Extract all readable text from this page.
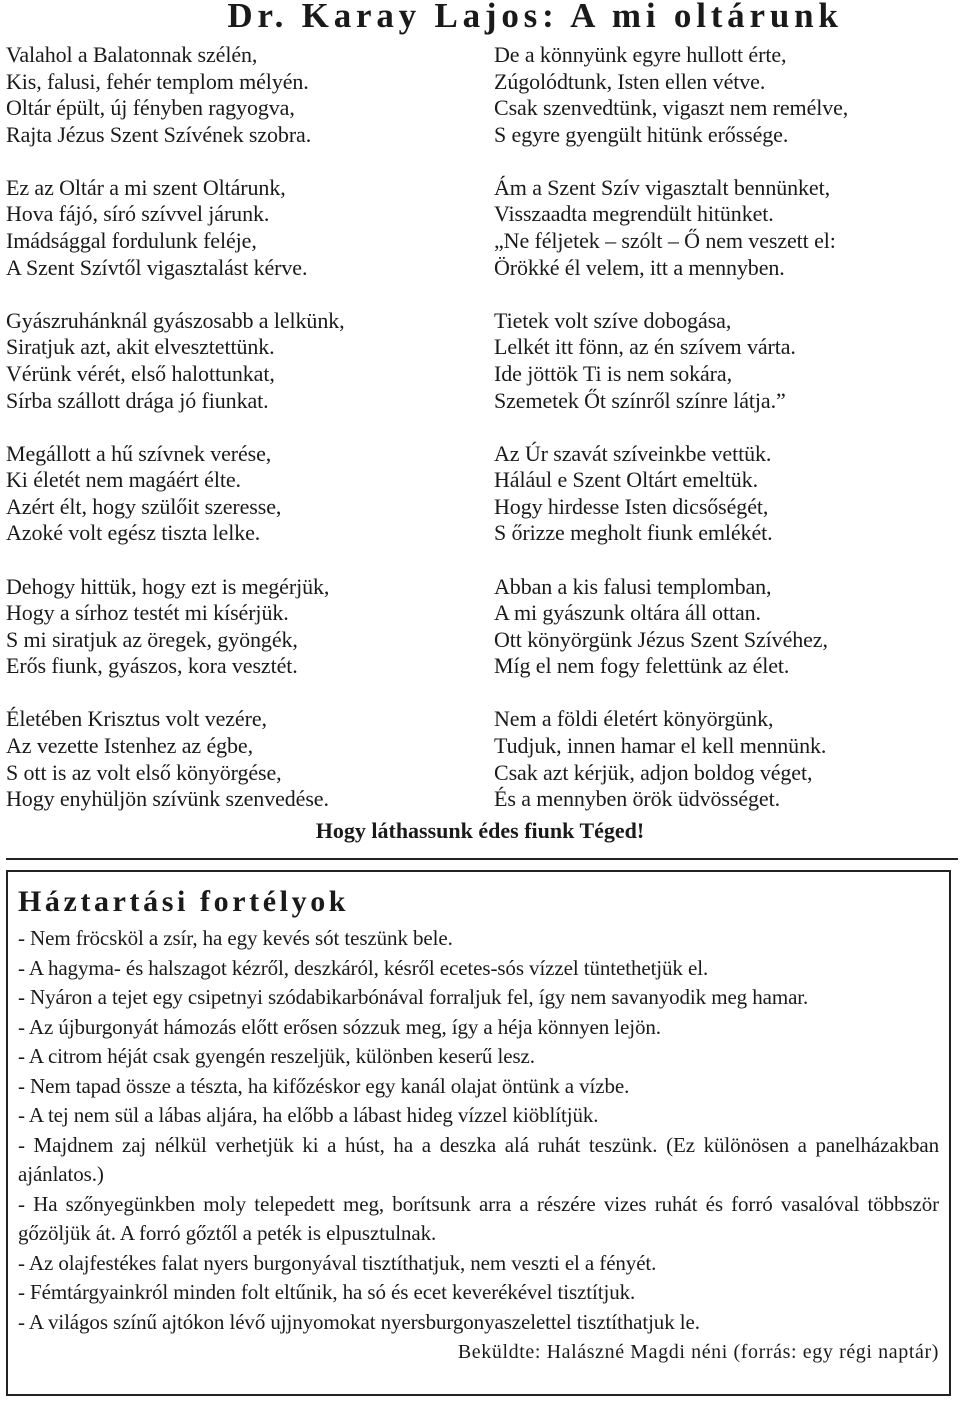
Dr. Karay Lajos: A mi oltárunk
Valahol a Balatonnak szélén,
Kis, falusi, fehér templom mélyén.
Oltár épült, új fényben ragyogva,
Rajta Jézus Szent Szívének szobra.
Ez az Oltár a mi szent Oltárunk,
Hova fájó, síró szívvel járunk.
Imádsággal fordulunk feléje,
A Szent Szívtől vigasztalást kérve.
Gyászruhánknál gyászosabb a lelkünk,
Siratjuk azt, akit elvesztettünk.
Vérünk vérét, első halottunkat,
Sírba szállott drága jó fiunkat.
Megállott a hű szívnek verése,
Ki életét nem magáért élte.
Azért élt, hogy szülőit szeresse,
Azoké volt egész tiszta lelke.
Dehogy hittük, hogy ezt is megérjük,
Hogy a sírhoz testét mi kísérjük.
S mi siratjuk az öregek, gyöngék,
Erős fiunk, gyászos, kora vesztét.
Életében Krisztus volt vezére,
Az vezette Istenhez az égbe,
S ott is az volt első könyörgése,
Hogy enyhüljön szívünk szenvedése.
De a könnyünk egyre hullott érte,
Zúgolódtunk, Isten ellen vétve.
Csak szenvedtünk, vigaszt nem remélve,
S egyre gyengült hitünk erőssége.
Ám a Szent Szív vigasztalt bennünket,
Visszaadta megrendült hitünket.
„Ne féljetek – szólt – Ő nem veszett el:
Örökké él velem, itt a mennyben.
Tietek volt szíve dobogása,
Lelkét itt fönn, az én szívem várta.
Ide jöttök Ti is nem sokára,
Szemetek Őt színről színre látja.”
Az Úr szavát szíveinkbe vettük.
Hálául e Szent Oltárt emeltük.
Hogy hirdesse Isten dicsőségét,
S őrizze megholt fiunk emlékét.
Abban a kis falusi templomban,
A mi gyászunk oltára áll ottan.
Ott könyörgünk Jézus Szent Szívéhez,
Míg el nem fogy felettünk az élet.
Nem a földi életért könyörgünk,
Tudjuk, innen hamar el kell mennünk.
Csak azt kérjük, adjon boldog véget,
És a mennyben örök üdvösséget.
Hogy láthassunk édes fiunk Téged!
Háztartási fortélyok
- Nem fröcsköl a zsír, ha egy kevés sót teszünk bele.
- A hagyma- és halszagot kézről, deszkáról, késről ecetes-sós vízzel tüntethetjük el.
- Nyáron a tejet egy csipetnyi szódabikarbónával forraljuk fel, így nem savanyodik meg hamar.
- Az újburgonyát hámozás előtt erősen sózzuk meg, így a héja könnyen lejön.
- A citrom héját csak gyengén reszeljük, különben keserű lesz.
- Nem tapad össze a tészta, ha kifőzéskor egy kanál olajat öntünk a vízbe.
- A tej nem sül a lábas aljára, ha előbb a lábast hideg vízzel kiöblítjük.
- Majdnem zaj nélkül verhetjük ki a húst, ha a deszka alá ruhát teszünk. (Ez különösen a panelházakban ajánlatos.)
- Ha szőnyegünkben moly telepedett meg, borítsunk arra a részére vizes ruhát és forró vasalóval többször gőzöljük át. A forró gőztől a peték is elpusztulnak.
- Az olajfestékes falat nyers burgonyával tisztíthatjuk, nem veszti el a fényét.
- Fémtárgyainkról minden folt eltűnik, ha só és ecet keverékével tisztítjuk.
- A világos színű ajtókon lévő ujjnyomokat nyersburgonyaszelettel tisztíthatjuk le.
Beküldte: Halászné Magdi néni (forrás: egy régi naptár)
